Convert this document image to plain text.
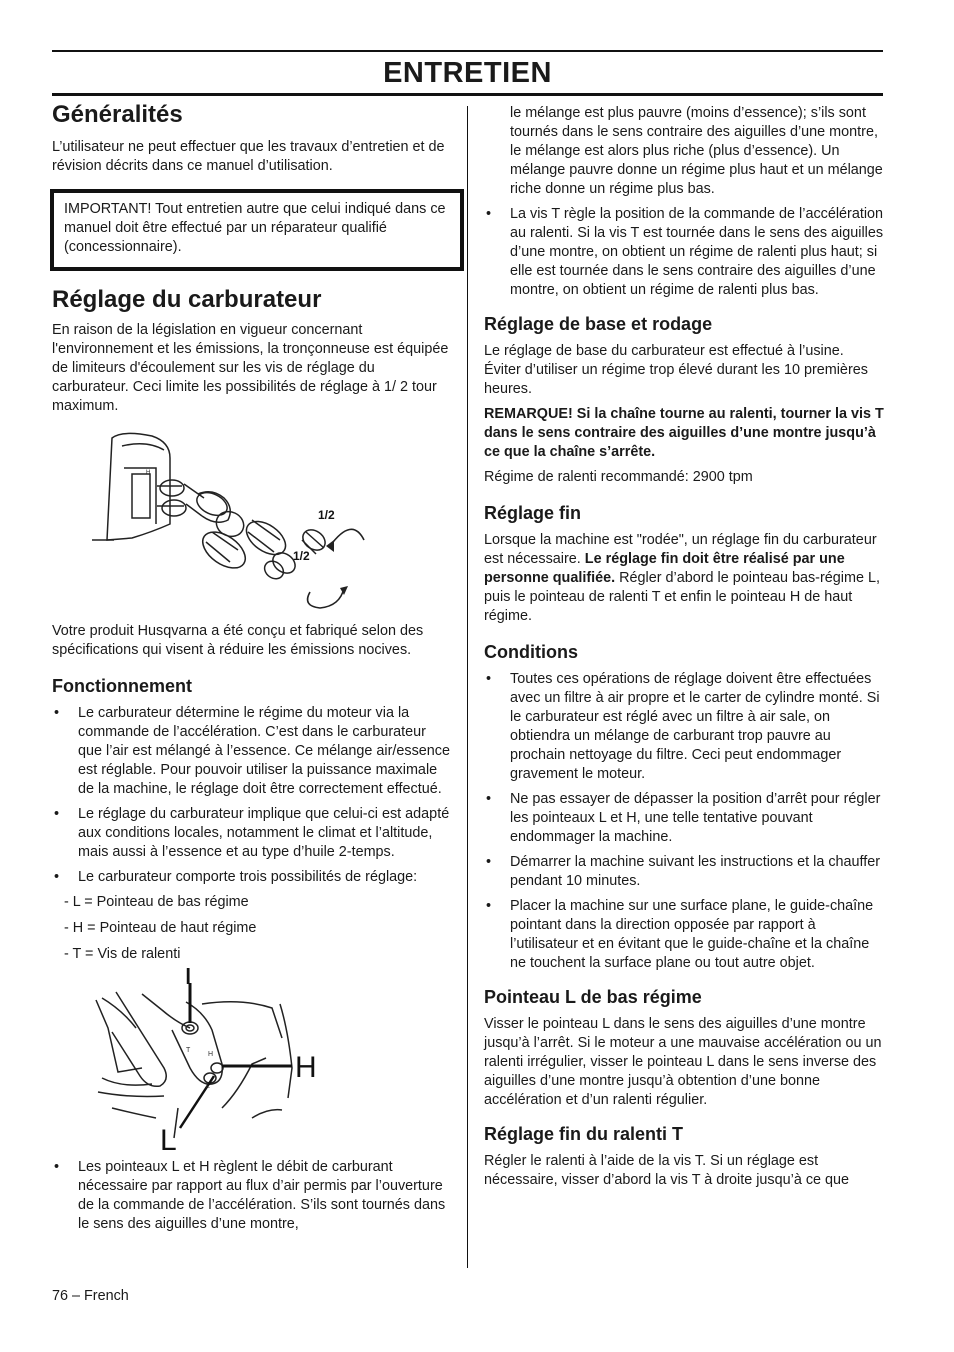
ENTRETIEN
Généralités

L’utilisateur ne peut effectuer que les travaux d’entretien et de révision décrits dans ce manuel d’utilisation.

IMPORTANT! Tout entretien autre que celui indiqué dans ce manuel doit être effectué par un réparateur qualifié (concessionnaire).

Réglage du carburateur

En raison de la législation en vigueur concernant l'environnement et les émissions, la tronçonneuse est équipée de limiteurs d'écoulement sur les vis de réglage du carburateur. Ceci limite les possibilités de réglage à 1/ 2 tour maximum.

H
1/2
1/2

Votre produit Husqvarna a été conçu et fabriqué selon des spécifications qui visent à réduire les émissions nocives.

Fonctionnement
• Le carburateur détermine le régime du moteur via la commande de l’accélération. C’est dans le carburateur que l’air est mélangé à l’essence. Ce mélange air/essence est réglable. Pour pouvoir utiliser la puissance maximale de la machine, le réglage doit être correctement effectué.
• Le réglage du carburateur implique que celui-ci est adapté aux conditions locales, notamment le climat et l’altitude, mais aussi à l’essence et au type d’huile 2-temps.
• Le carburateur comporte trois possibilités de réglage:

- L = Pointeau de bas régime

- H = Pointeau de haut régime

- T = Vis de ralenti

T
H
L
T
H
L
• Les pointeaux L et H règlent le débit de carburant nécessaire par rapport au flux d’air permis par l’ouverture de la commande de l’accélération. S’ils sont tournés dans le sens des aiguilles d’une montre,

le mélange est plus pauvre (moins d’essence); s’ils sont tournés dans le sens contraire des aiguilles d’une montre, le mélange est alors plus riche (plus d’essence). Un mélange pauvre donne un régime plus haut et un mélange riche donne un régime plus bas.

• La vis T règle la position de la commande de l’accélération au ralenti. Si la vis T est tournée dans le sens des aiguilles d’une montre, on obtient un régime de ralenti plus haut; si elle est tournée dans le sens contraire des aiguilles d’une montre, on obtient un régime de ralenti plus bas.
Réglage de base et rodage

Le réglage de base du carburateur est effectué à l’usine. Éviter d’utiliser un régime trop élevé durant les 10 premières heures.

REMARQUE! Si la chaîne tourne au ralenti, tourner la vis T dans le sens contraire des aiguilles d’une montre jusqu’à ce que la chaîne s’arrête.

Régime de ralenti recommandé: 2900 tpm

Réglage fin

Lorsque la machine est "rodée", un réglage fin du carburateur est nécessaire. Le réglage fin doit être réalisé par une personne qualifiée. Régler d’abord le pointeau bas-régime L, puis le pointeau de ralenti T et enfin le pointeau H de haut régime.

Conditions
• Toutes ces opérations de réglage doivent être effectuées avec un filtre à air propre et le carter de cylindre monté. Si le carburateur est réglé avec un filtre à air sale, on obtiendra un mélange de carburant trop pauvre au prochain nettoyage du filtre. Ceci peut endommager gravement le moteur.
• Ne pas essayer de dépasser la position d’arrêt pour régler les pointeaux L et H, une telle tentative pouvant endommager la machine.
• Démarrer la machine suivant les instructions et la chauffer pendant 10 minutes.
• Placer la machine sur une surface plane, le guide-chaîne pointant dans la direction opposée par rapport à l’utilisateur et en évitant que le guide-chaîne et la chaîne ne touchent la surface plane ou tout autre objet.
Pointeau L de bas régime

Visser le pointeau L dans le sens des aiguilles d’une montre jusqu’à l’arrêt. Si le moteur a une mauvaise accélération ou un ralenti irrégulier, visser le pointeau L dans le sens inverse des aiguilles d’une montre jusqu’à obtention d’une bonne accélération et d’un ralenti régulier.

Réglage fin du ralenti T

Régler le ralenti à l’aide de la vis T. Si un réglage est nécessaire, visser d’abord la vis T à droite jusqu’à ce que

76 – French
